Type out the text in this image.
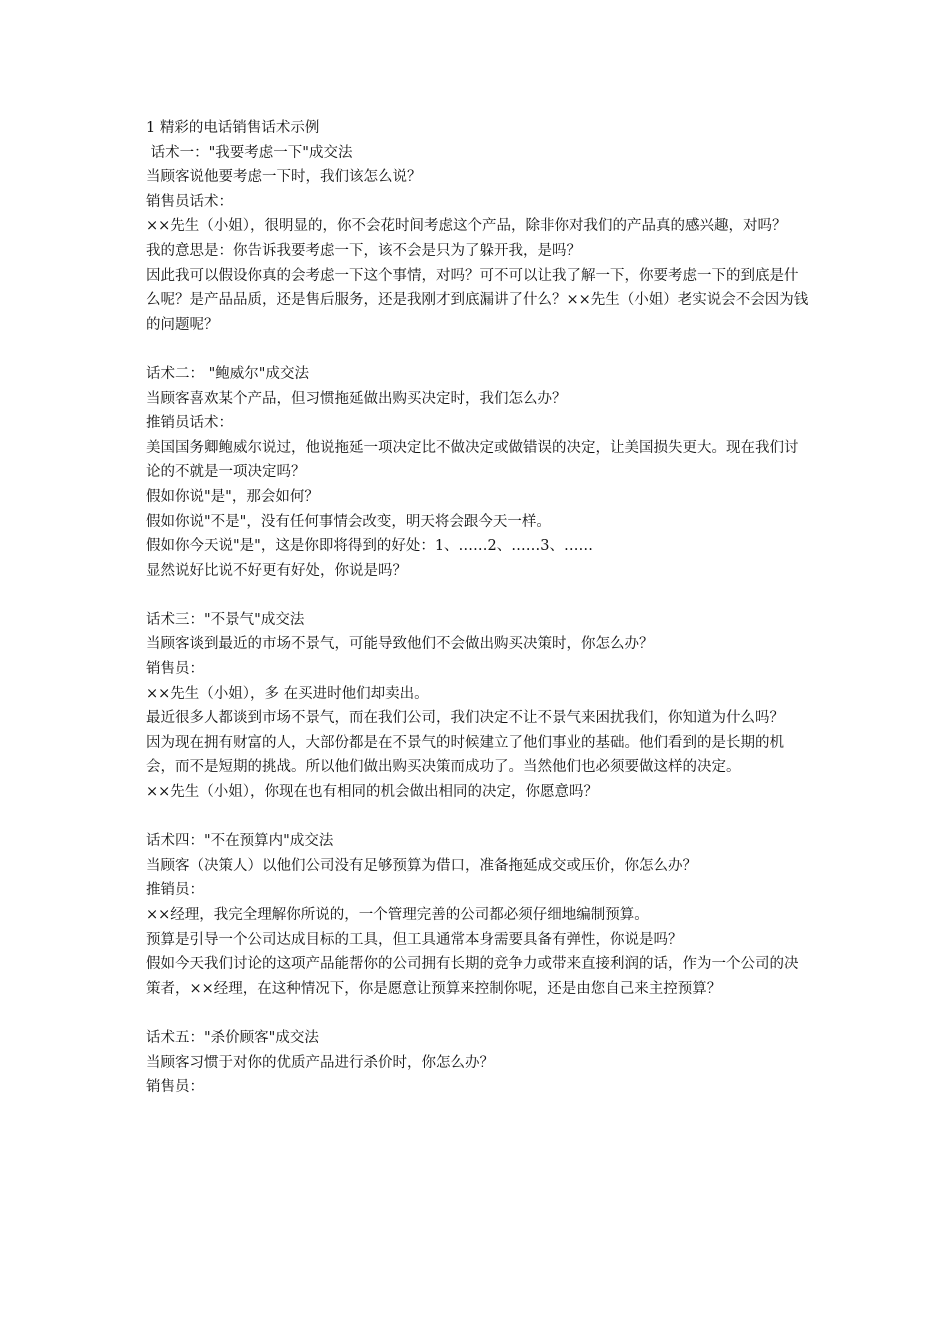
1 精彩的电话销售话术示例

话术一："我要考虑一下"成交法

当顾客说他要考虑一下时，我们该怎么说？

销售员话术：

××先生（小姐），很明显的，你不会花时间考虑这个产品，除非你对我们的产品真的感兴趣，对吗？

我的意思是：你告诉我要考虑一下，该不会是只为了躲开我，是吗？

因此我可以假设你真的会考虑一下这个事情，对吗？可不可以让我了解一下，你要考虑一下的到底是什么呢？是产品品质，还是售后服务，还是我刚才到底漏讲了什么？××先生（小姐）老实说会不会因为钱的问题呢？

话术二： "鲍威尔"成交法

当顾客喜欢某个产品，但习惯拖延做出购买决定时，我们怎么办？

推销员话术：

美国国务卿鲍威尔说过，他说拖延一项决定比不做决定或做错误的决定，让美国损失更大。现在我们讨论的不就是一项决定吗？

假如你说"是"，那会如何？

假如你说"不是"，没有任何事情会改变，明天将会跟今天一样。

假如你今天说"是"，这是你即将得到的好处：1、……2、……3、……

显然说好比说不好更有好处，你说是吗？

话术三："不景气"成交法

当顾客谈到最近的市场不景气，可能导致他们不会做出购买决策时，你怎么办？

销售员：

××先生（小姐），多 在买进时他们却卖出。

最近很多人都谈到市场不景气，而在我们公司，我们决定不让不景气来困扰我们，你知道为什么吗？

因为现在拥有财富的人，大部份都是在不景气的时候建立了他们事业的基础。他们看到的是长期的机会，而不是短期的挑战。所以他们做出购买决策而成功了。当然他们也必须要做这样的决定。

××先生（小姐），你现在也有相同的机会做出相同的决定，你愿意吗？

话术四："不在预算内"成交法

当顾客（决策人）以他们公司没有足够预算为借口，准备拖延成交或压价，你怎么办？

推销员：

××经理，我完全理解你所说的，一个管理完善的公司都必须仔细地编制预算。

预算是引导一个公司达成目标的工具，但工具通常本身需要具备有弹性，你说是吗？

假如今天我们讨论的这项产品能帮你的公司拥有长期的竞争力或带来直接利润的话，作为一个公司的决策者，××经理，在这种情况下，你是愿意让预算来控制你呢，还是由您自己来主控预算？

话术五："杀价顾客"成交法

当顾客习惯于对你的优质产品进行杀价时，你怎么办？

销售员：
